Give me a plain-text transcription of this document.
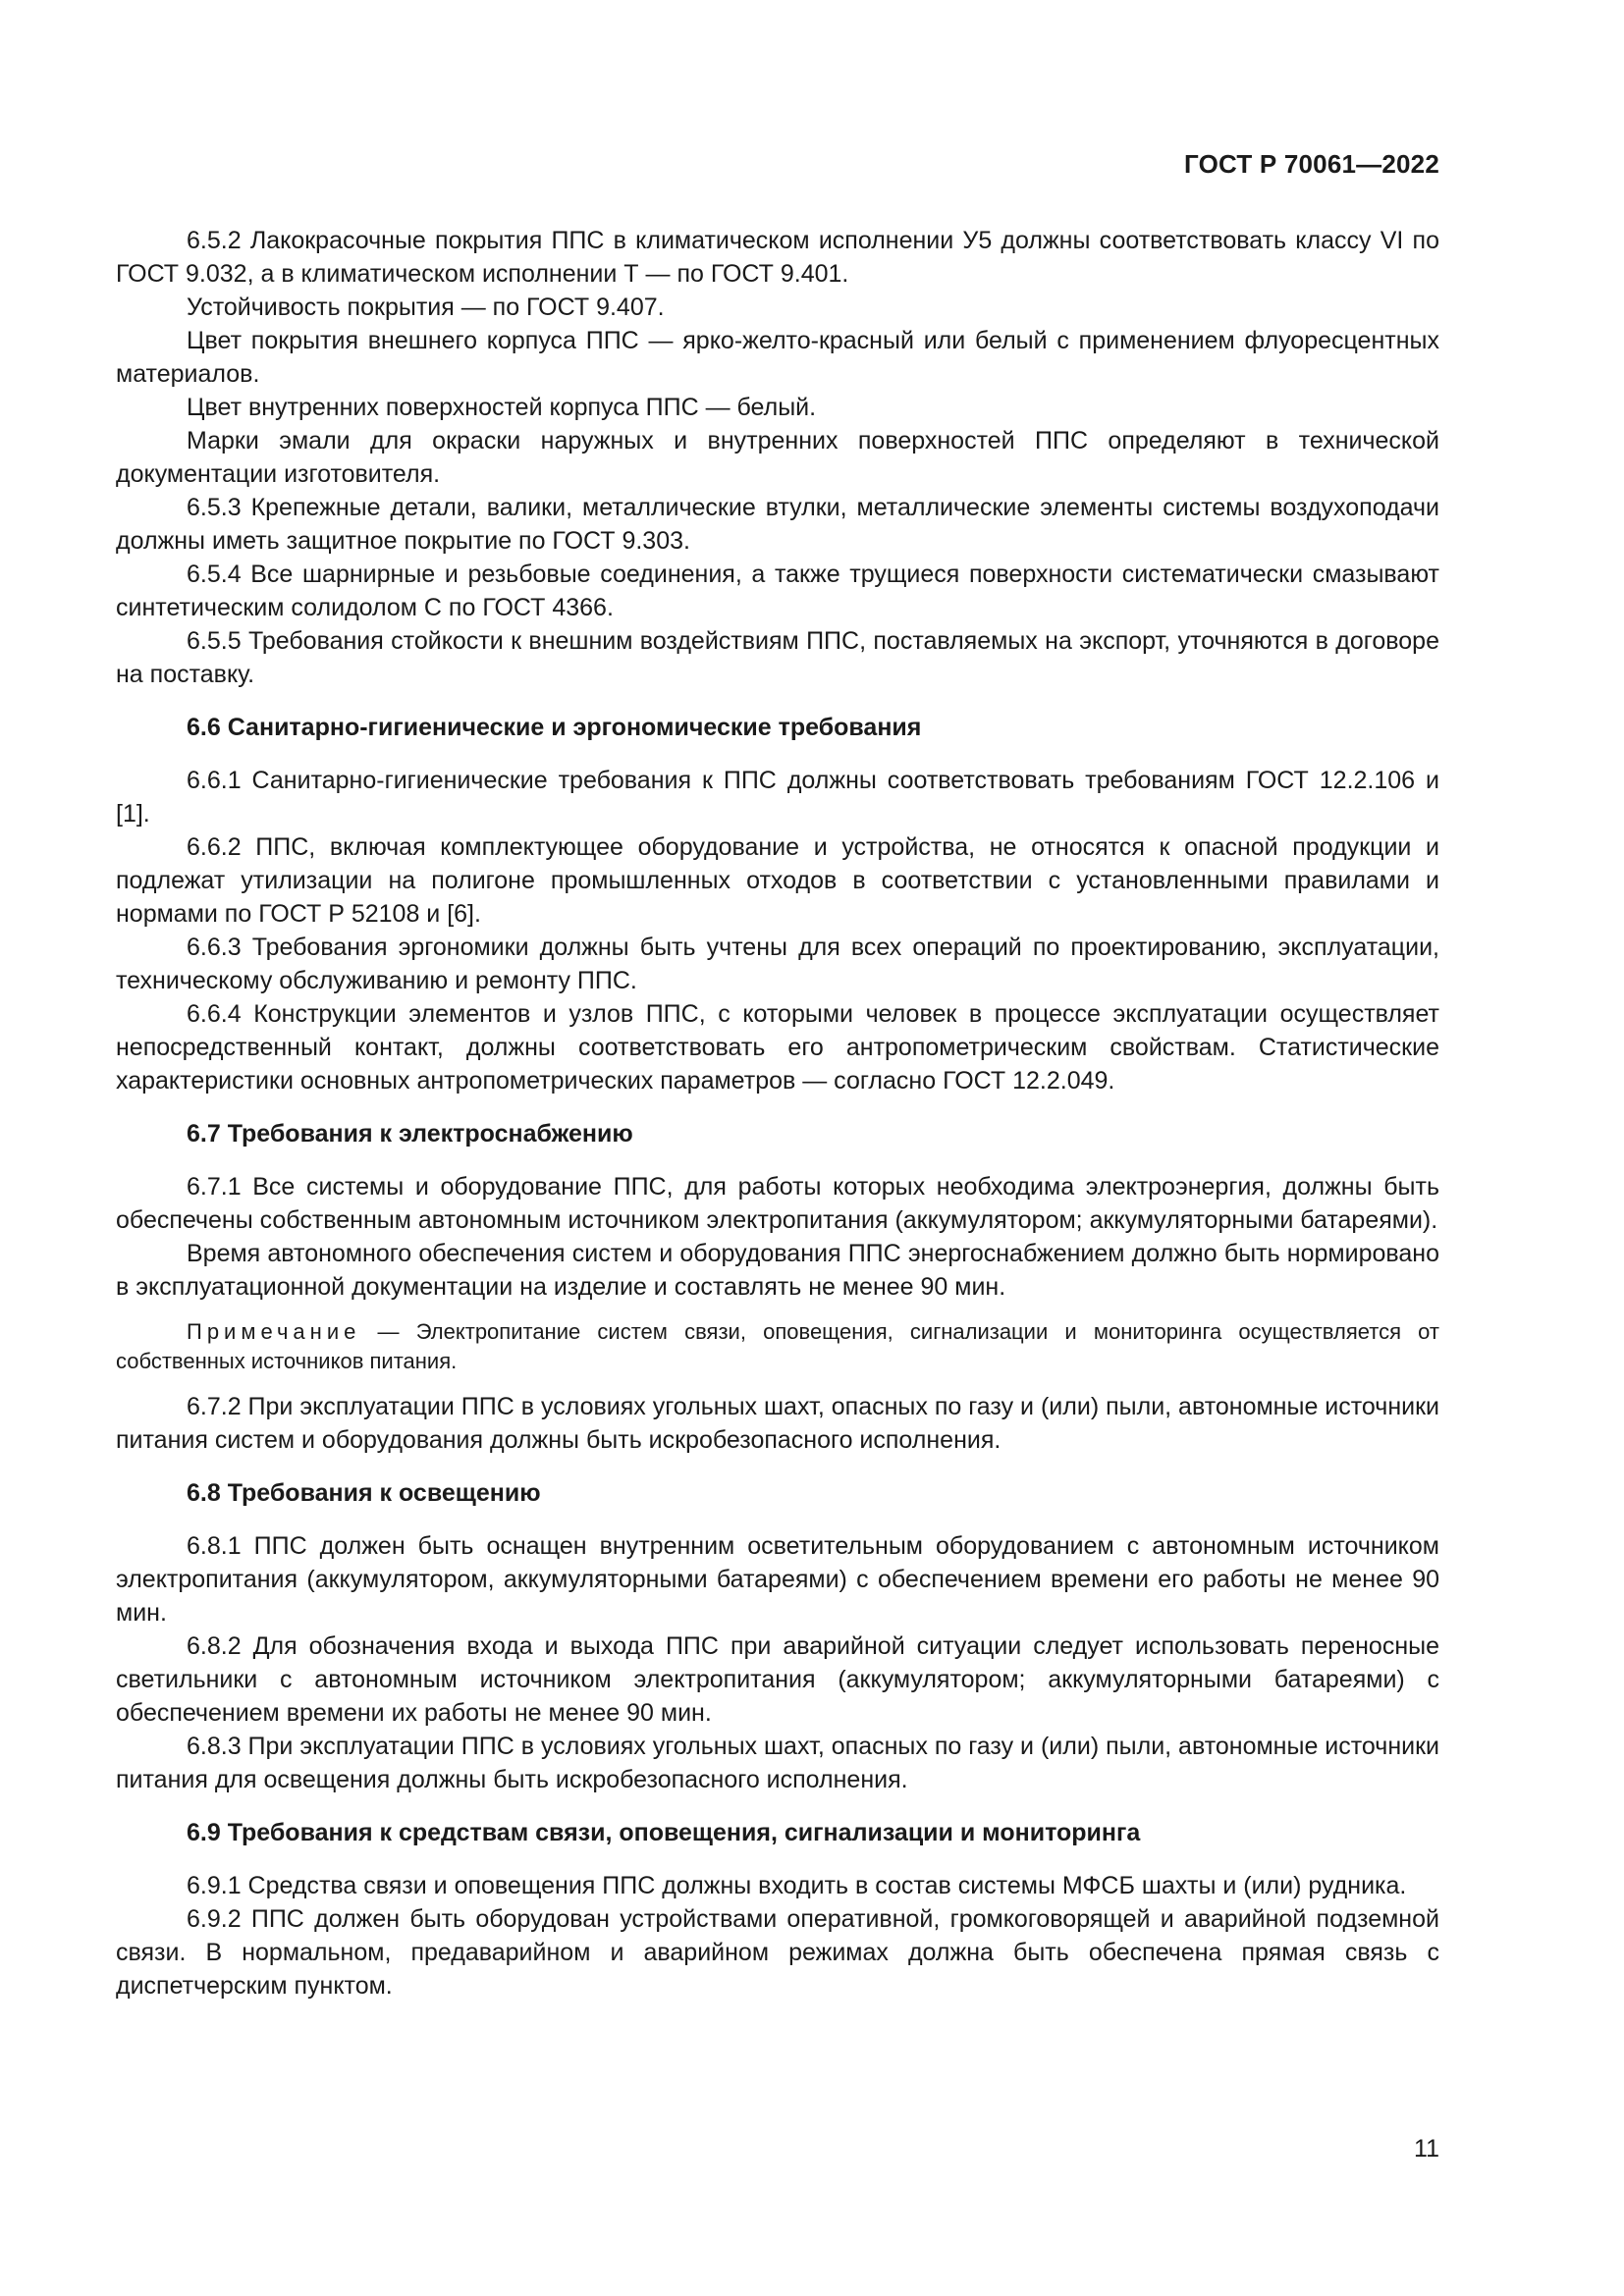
ГОСТ Р 70061—2022

6.5.2 Лакокрасочные покрытия ППС в климатическом исполнении У5 должны соответствовать классу VI по ГОСТ 9.032, а в климатическом исполнении Т — по ГОСТ 9.401.

Устойчивость покрытия — по ГОСТ 9.407.

Цвет покрытия внешнего корпуса ППС — ярко-желто-красный или белый с применением флуоресцентных материалов.

Цвет внутренних поверхностей корпуса ППС — белый.

Марки эмали для окраски наружных и внутренних поверхностей ППС определяют в технической документации изготовителя.

6.5.3 Крепежные детали, валики, металлические втулки, металлические элементы системы воздухоподачи должны иметь защитное покрытие по ГОСТ 9.303.

6.5.4 Все шарнирные и резьбовые соединения, а также трущиеся поверхности систематически смазывают синтетическим солидолом С по ГОСТ 4366.

6.5.5 Требования стойкости к внешним воздействиям ППС, поставляемых на экспорт, уточняются в договоре на поставку.

6.6 Санитарно-гигиенические и эргономические требования

6.6.1 Санитарно-гигиенические требования к ППС должны соответствовать требованиям ГОСТ 12.2.106 и [1].

6.6.2 ППС, включая комплектующее оборудование и устройства, не относятся к опасной продукции и подлежат утилизации на полигоне промышленных отходов в соответствии с установленными правилами и нормами по ГОСТ Р 52108 и [6].

6.6.3 Требования эргономики должны быть учтены для всех операций по проектированию, эксплуатации, техническому обслуживанию и ремонту ППС.

6.6.4 Конструкции элементов и узлов ППС, с которыми человек в процессе эксплуатации осуществляет непосредственный контакт, должны соответствовать его антропометрическим свойствам. Статистические характеристики основных антропометрических параметров — согласно ГОСТ 12.2.049.

6.7 Требования к электроснабжению

6.7.1 Все системы и оборудование ППС, для работы которых необходима электроэнергия, должны быть обеспечены собственным автономным источником электропитания (аккумулятором; аккумуляторными батареями).

Время автономного обеспечения систем и оборудования ППС энергоснабжением должно быть нормировано в эксплуатационной документации на изделие и составлять не менее 90 мин.

Примечание — Электропитание систем связи, оповещения, сигнализации и мониторинга осуществляется от собственных источников питания.

6.7.2 При эксплуатации ППС в условиях угольных шахт, опасных по газу и (или) пыли, автономные источники питания систем и оборудования должны быть искробезопасного исполнения.

6.8 Требования к освещению

6.8.1 ППС должен быть оснащен внутренним осветительным оборудованием с автономным источником электропитания (аккумулятором, аккумуляторными батареями) с обеспечением времени его работы не менее 90 мин.

6.8.2 Для обозначения входа и выхода ППС при аварийной ситуации следует использовать переносные светильники с автономным источником электропитания (аккумулятором; аккумуляторными батареями) с обеспечением времени их работы не менее 90 мин.

6.8.3 При эксплуатации ППС в условиях угольных шахт, опасных по газу и (или) пыли, автономные источники питания для освещения должны быть искробезопасного исполнения.

6.9 Требования к средствам связи, оповещения, сигнализации и мониторинга

6.9.1 Средства связи и оповещения ППС должны входить в состав системы МФСБ шахты и (или) рудника.

6.9.2 ППС должен быть оборудован устройствами оперативной, громкоговорящей и аварийной подземной связи. В нормальном, предаварийном и аварийном режимах должна быть обеспечена прямая связь с диспетчерским пунктом.

11
